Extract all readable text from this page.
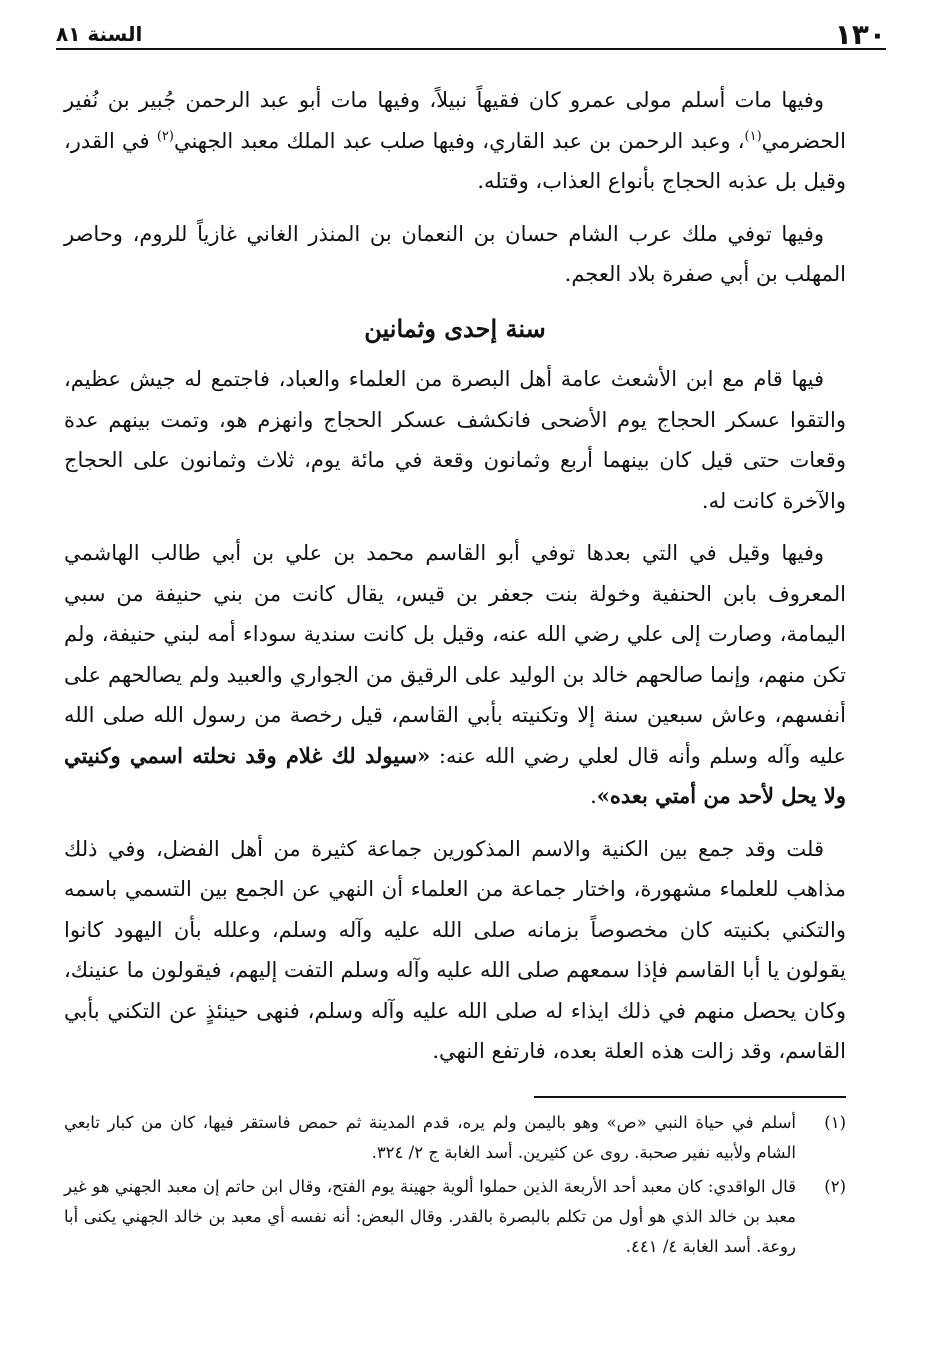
١٣٠
السنة ٨١

وفيها مات أسلم مولى عمرو كان فقيهاً نبيلاً، وفيها مات أبو عبد الرحمن جُبير بن نُفير الحضرمي$^{(١)}$، وعبد الرحمن بن عبد القاري، وفيها صلب عبد الملك معبد الجهني$^{(٢)}$ في القدر، وقيل بل عذبه الحجاج بأنواع العذاب، وقتله.

وفيها توفي ملك عرب الشام حسان بن النعمان بن المنذر الغاني غازياً للروم، وحاصر المهلب بن أبي صفرة بلاد العجم.

سنة إحدى وثمانين

فيها قام مع ابن الأشعث عامة أهل البصرة من العلماء والعباد، فاجتمع له جيش عظيم، والتقوا عسكر الحجاج يوم الأضحى فانكشف عسكر الحجاج وانهزم هو، وتمت بينهم عدة وقعات حتى قيل كان بينهما أربع وثمانون وقعة في مائة يوم، ثلاث وثمانون على الحجاج والآخرة كانت له.

وفيها وقيل في التي بعدها توفي أبو القاسم محمد بن علي بن أبي طالب الهاشمي المعروف بابن الحنفية وخولة بنت جعفر بن قيس، يقال كانت من بني حنيفة من سبي اليمامة، وصارت إلى علي رضي الله عنه، وقيل بل كانت سندية سوداء أمه لبني حنيفة، ولم تكن منهم، وإنما صالحهم خالد بن الوليد على الرقيق من الجواري والعبيد ولم يصالحهم على أنفسهم، وعاش سبعين سنة إلا وتكنيته بأبي القاسم، قيل رخصة من رسول الله صلى الله عليه وآله وسلم وأنه قال لعلي رضي الله عنه: «سيولد لك غلام وقد نحلته اسمي وكنيتي ولا يحل لأحد من أمتي بعده».

قلت وقد جمع بين الكنية والاسم المذكورين جماعة كثيرة من أهل الفضل، وفي ذلك مذاهب للعلماء مشهورة، واختار جماعة من العلماء أن النهي عن الجمع بين التسمي باسمه والتكني بكنيته كان مخصوصاً بزمانه صلى الله عليه وآله وسلم، وعلله بأن اليهود كانوا يقولون يا أبا القاسم فإذا سمعهم صلى الله عليه وآله وسلم التفت إليهم، فيقولون ما عنينك، وكان يحصل منهم في ذلك ايذاء له صلى الله عليه وآله وسلم، فنهى حينئذٍ عن التكني بأبي القاسم، وقد زالت هذه العلة بعده، فارتفع النهي.

(١)
أسلم في حياة النبي «ص» وهو باليمن ولم يره، قدم المدينة ثم حمص فاستقر فيها، كان من كبار تابعي الشام ولأبيه نفير صحبة. روى عن كثيرين. أسد الغابة ج ٢/ ٣٢٤.
(٢)
قال الواقدي: كان معبد أحد الأربعة الذين حملوا ألوية جهينة يوم الفتح، وقال ابن حاتم إن معبد الجهني هو غير معبد بن خالد الذي هو أول من تكلم بالبصرة بالقدر. وقال البعض: أنه نفسه أي معبد بن خالد الجهني يكنى أبا روعة. أسد الغابة ٤/ ٤٤١.
